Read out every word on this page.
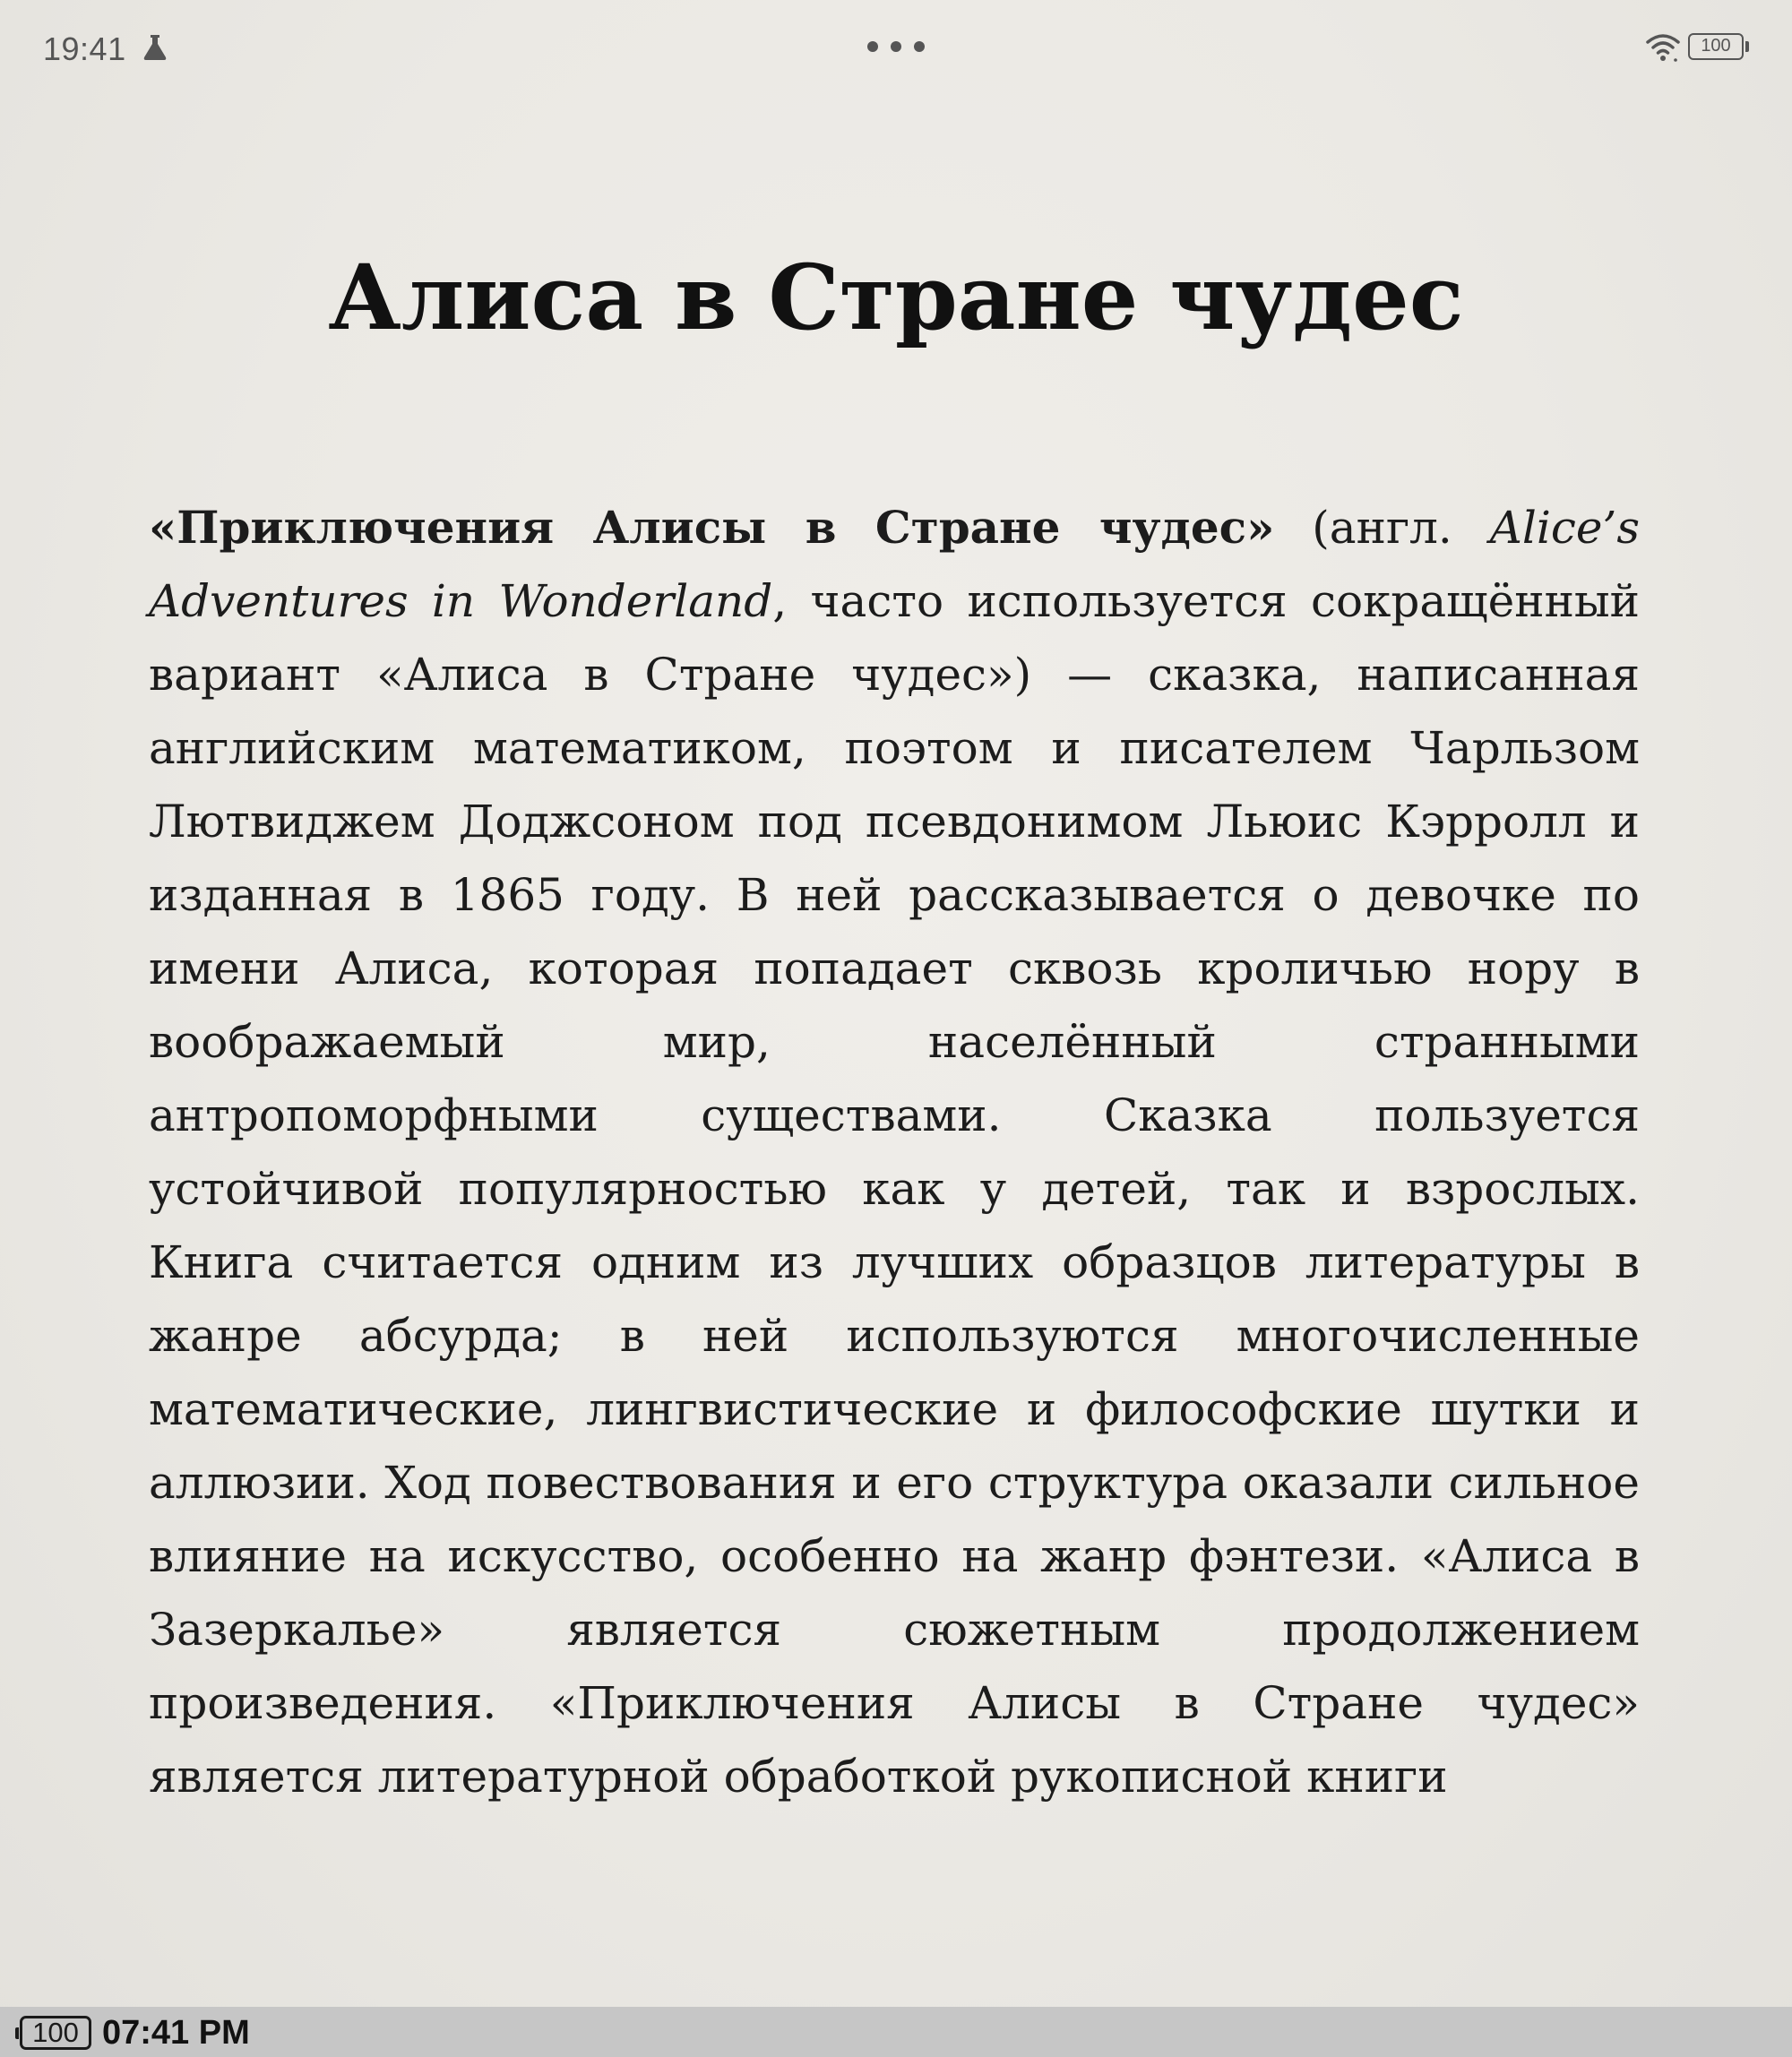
19:41	100
Алиса в Стране чудес

«Приключения Алисы в Стране чудес» (англ. Alice’s Adventures in Wonderland, часто используется сокращённый вариант «Алиса в Стране чудес») — сказка, написанная английским математиком, поэтом и писателем Чарльзом Лютвиджем Доджсоном под псевдонимом Льюис Кэрролл и изданная в 1865 году. В ней рассказывается о девочке по имени Алиса, которая попадает сквозь кроличью нору в воображаемый мир, населённый странными антропоморфными существами. Сказка пользуется устойчивой популярностью как у детей, так и взрослых. Книга считается одним из лучших образцов литературы в жанре абсурда; в ней используются многочисленные математические, лингвистические и философские шутки и аллюзии. Ход повествования и его структура оказали сильное влияние на искусство, особенно на жанр фэнтези. «Алиса в Зазеркалье» является сюжетным продолжением произведения. «Приключения Алисы в Стране чудес» является литературной обработкой рукописной книги

100 07:41 PM
